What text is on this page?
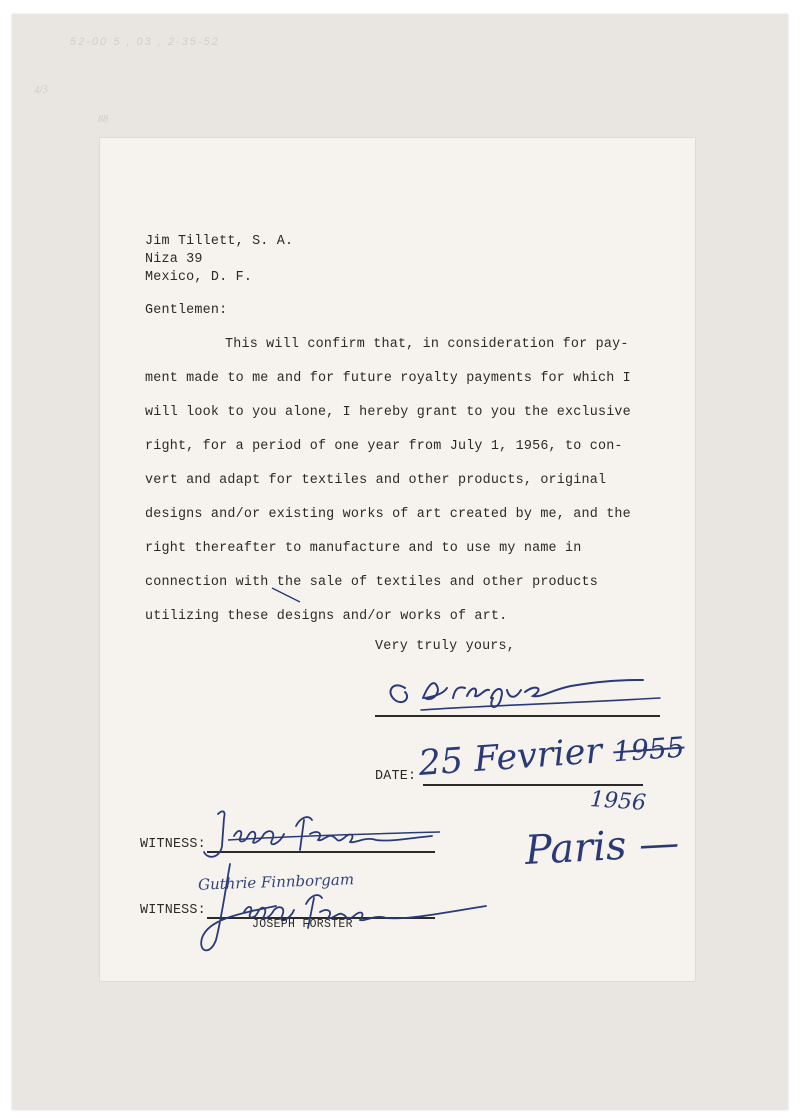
52-00 5 , 03 , 2-35-52
4/3
88
Jim Tillett, S. A.
Niza 39
Mexico, D. F.
Gentlemen:
This will confirm that, in consideration for pay-
ment made to me and for future royalty payments for which I
will look to you alone, I hereby grant to you the exclusive
right, for a period of one year from July 1, 1956, to con-
vert and adapt for textiles and other products, original
designs and/or existing works of art created by me, and the
right thereafter to manufacture and to use my name in
connection with the sale of textiles and other products
utilizing these designs and/or works of art.
Very truly yours,
DATE: 25 Fevrier 1955
1956
Paris —
WITNESS:
WITNESS:
Guthrie Finnborgam
JOSEPH FORSTER
